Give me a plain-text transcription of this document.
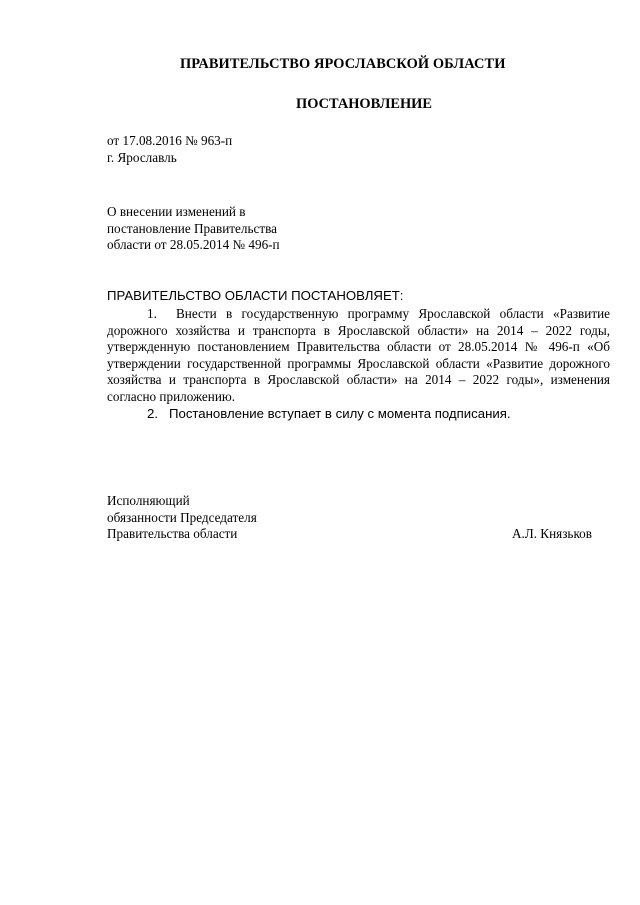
ПРАВИТЕЛЬСТВО ЯРОСЛАВСКОЙ ОБЛАСТИ
ПОСТАНОВЛЕНИЕ
от 17.08.2016 № 963-п
г. Ярославль
О внесении изменений в
постановление Правительства
области от 28.05.2014 № 496-п
ПРАВИТЕЛЬСТВО ОБЛАСТИ ПОСТАНОВЛЯЕТ:
1. Внести в государственную программу Ярославской области «Развитие дорожного хозяйства и транспорта в Ярославской области» на 2014 – 2022 годы, утвержденную постановлением Правительства области от 28.05.2014 № 496-п «Об утверждении государственной программы Ярославской области «Развитие дорожного хозяйства и транспорта в Ярославской области» на 2014 – 2022 годы», изменения согласно приложению.
2. Постановление вступает в силу с момента подписания.
Исполняющий
обязанности Председателя
Правительства области	А.Л. Князьков
